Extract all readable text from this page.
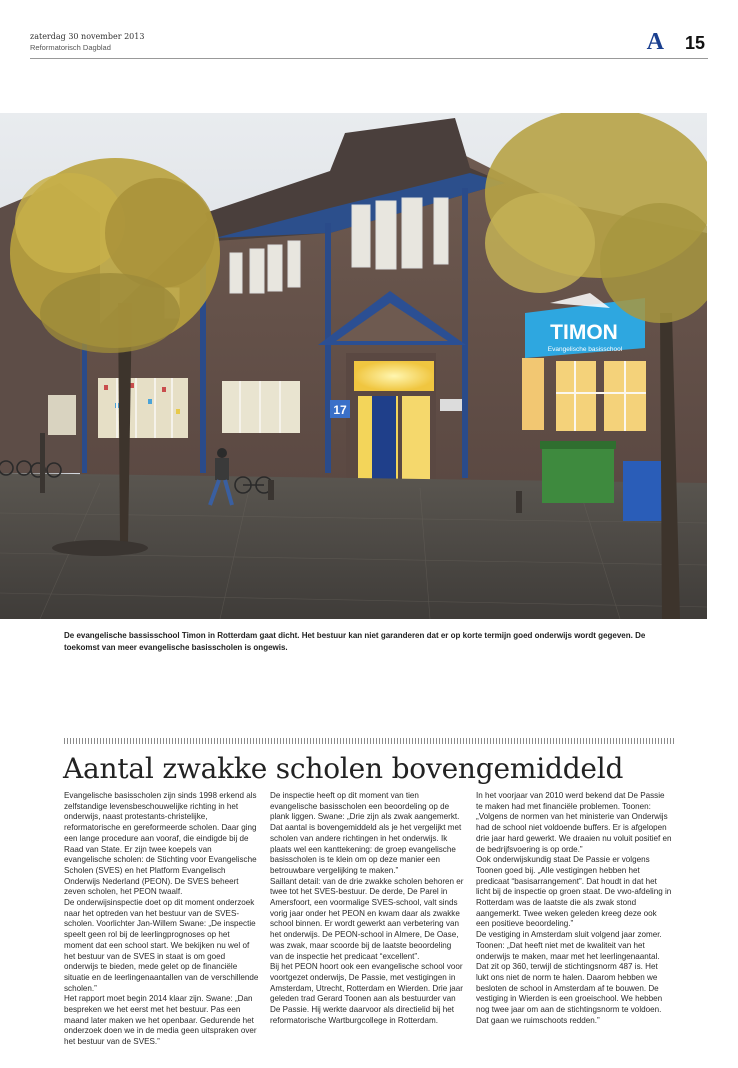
zaterdag 30 november 2013
Reformatorisch Dagblad	A 15
17
TIMON
Evangelische basisschool
De evangelische bassisschool Timon in Rotterdam gaat dicht. Het bestuur kan niet garanderen dat er op korte termijn goed onderwijs wordt gegeven. De toekomst van meer evangelische basisscholen is ongewis.
Aantal zwakke scholen bovengemiddeld

Evangelische basisscholen zijn sinds 1998 erkend als zelfstandige levensbeschouwelijke richting in het onderwijs, naast protestants-christelijke, reformatorische en gereformeerde scholen. Daar ging een lange procedure aan vooraf, die eindigde bij de Raad van State. Er zijn twee koepels van evangelische scholen: de Stichting voor Evangelische Scholen (SVES) en het Platform Evangelisch Onderwijs Nederland (PEON). De SVES beheert zeven scholen, het PEON twaalf.

De onderwijsinspectie doet op dit moment onderzoek naar het optreden van het bestuur van de SVES-scholen. Voorlichter Jan-Willem Swane: „De inspectie speelt geen rol bij de leerlingprognoses op het moment dat een school start. We bekijken nu wel of het bestuur van de SVES in staat is om goed onderwijs te bieden, mede gelet op de financiële situatie en de leerlingenaantallen van de verschillende scholen.”

Het rapport moet begin 2014 klaar zijn. Swane: „Dan bespreken we het eerst met het bestuur. Pas een maand later maken we het openbaar. Gedurende het onderzoek doen we in de media geen uitspraken over het bestuur van de SVES.”

De inspectie heeft op dit moment van tien evangelische basisscholen een beoordeling op de plank liggen. Swane: „Drie zijn als zwak aangemerkt. Dat aantal is bovengemiddeld als je het vergelijkt met scholen van andere richtingen in het onderwijs. Ik plaats wel een kanttekening: de groep evangelische basisscholen is te klein om op deze manier een betrouwbare vergelijking te maken.”

Saillant detail: van de drie zwakke scholen behoren er twee tot het SVES-bestuur. De derde, De Parel in Amersfoort, een voormalige SVES-school, valt sinds vorig jaar onder het PEON en kwam daar als zwakke school binnen. Er wordt gewerkt aan verbetering van het onderwijs. De PEON-school in Almere, De Oase, was zwak, maar scoorde bij de laatste beoordeling van de inspectie het predicaat “excellent”.

Bij het PEON hoort ook een evangelische school voor voortgezet onderwijs, De Passie, met vestigingen in Amsterdam, Utrecht, Rotterdam en Wierden. Drie jaar geleden trad Gerard Toonen aan als bestuurder van De Passie. Hij werkte daarvoor als directielid bij het reformatorische Wartburgcollege in Rotterdam.

In het voorjaar van 2010 werd bekend dat De Passie te maken had met financiële problemen. Toonen: „Volgens de normen van het ministerie van Onderwijs had de school niet voldoende buffers. Er is afgelopen drie jaar hard gewerkt. We draaien nu voluit positief en de bedrijfsvoering is op orde.”

Ook onderwijskundig staat De Passie er volgens Toonen goed bij. „Alle vestigingen hebben het predicaat “basisarrangement”. Dat houdt in dat het licht bij de inspectie op groen staat. De vwo-afdeling in Rotterdam was de laatste die als zwak stond aangemerkt. Twee weken geleden kreeg deze ook een positieve beoordeling.”

De vestiging in Amsterdam sluit volgend jaar zomer. Toonen: „Dat heeft niet met de kwaliteit van het onderwijs te maken, maar met het leerlingenaantal. Dat zit op 360, terwijl de stichtingsnorm 487 is. Het lukt ons niet de norm te halen. Daarom hebben we besloten de school in Amsterdam af te bouwen. De vestiging in Wierden is een groeischool. We hebben nog twee jaar om aan de stichtingsnorm te voldoen. Dat gaan we ruimschoots redden.”
